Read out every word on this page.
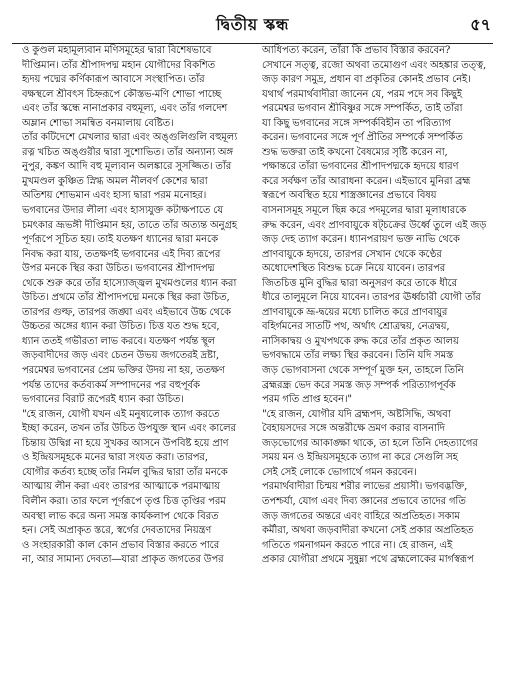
দ্বিতীয় স্কন্ধ	৫৭
ও কুণ্ডল মহামূল্যবান মণিসমূহের দ্বারা বিশেষভাবে
দীপ্তিমান। তাঁর শ্রীপাদপদ্ম মহান যোগীদের বিকশিত
হৃদয় পদ্মের কর্ণিকারূপ আবাসে সংস্থাপিত। তাঁর
বক্ষস্থলে শ্রীবৎস চিহ্নরূপে কৌস্তভ-মণি শোভা পাচ্ছে
এবং তাঁর স্কন্ধে নানাপ্রকার বহুমূল্য, এবং তাঁর গলদেশ
অম্লান শোভা সমন্বিত বনমালায় বেষ্টিত।
তাঁর কটিদেশে মেখলার দ্বারা এবং অঙ্গুলিগুলি বহুমূল্য
রত্ন খচিত অঙ্গুরীর দ্বারা সুশোভিত। তাঁর অন্যান্য অঙ্গ
নুপুর, কঙ্কণ আদি বহু মূল্যবান অলঙ্কারে সুসজ্জিত। তাঁর
মুখমণ্ডল কুঞ্চিত স্নিগ্ধ অমল নীলবর্ণ কেশের দ্বারা
অতিশয় শোভমান এবং হাস্য দ্বারা পরম মনোহর।
ভগবানের উদার লীলা এবং হাস্যযুক্ত কটাক্ষপাতে যে
চমৎকার ভ্রূভঙ্গী দীপ্তিমান হয়, তাতে তাঁর অত্যন্ত অনুগ্রহ
পূর্ণরূপে সূচিত হয়। তাই যতক্ষণ ধ্যানের দ্বারা মনকে
নিবদ্ধ করা যায়, ততক্ষণই ভগবানের এই দিব্য রূপের
উপর মনকে স্থির করা উচিত। ভগবানের শ্রীপাদপদ্ম
থেকে শুরু করে তাঁর হাস্যোজ্জ্বল মুখমণ্ডলের ধ্যান করা
উচিত। প্রথমে তাঁর শ্রীপাদপদ্মে মনকে স্থির করা উচিত,
তারপর গুল্ফ, তারপর জঙ্ঘা এবং এইভাবে উচ্চ থেকে
উচ্চতর অঙ্গের ধ্যান করা উচিত। চিত্ত যত শুদ্ধ হবে,
ধ্যান ততই গভীরতা লাভ করবে। যতক্ষণ পর্যন্ত স্থূল
জড়বাদীদের জড় এবং চেতন উভয় জগতেরই দ্রষ্টা,
পরমেশ্বর ভগবানের প্রেম ভক্তির উদয় না হয়, ততক্ষণ
পর্যন্ত তাদের কর্তব্যকর্ম সম্পাদনের পর বহুপূর্বক
ভগবানের বিরাট রূপেরই ধ্যান করা উচিত।
"হে রাজন, যোগী যখন এই মনুষ্যলোক ত্যাগ করতে
ইচ্ছা করেন, তখন তাঁর উচিত উপযুক্ত স্থান এবং কালের
চিন্তায় উদ্বিগ্ন না হয়ে সুখকর আসনে উপবিষ্ট হয়ে প্রাণ
ও ইন্দ্রিয়সমূহকে মনের দ্বারা সংযত করা। তারপর,
যোগীর কর্তব্য হচ্ছে তাঁর নির্মল বুদ্ধির দ্বারা তাঁর মনকে
আত্মায় লীন করা এবং তারপর আত্মাকে পরমাত্মায়
বিলীন করা। তার ফলে পূর্ণরূপে তৃপ্ত চিত্ত তৃপ্তির পরম
অবস্থা লাভ করে অন্য সমস্ত কার্যকলাপ থেকে বিরত
হন। সেই অপ্রাকৃত স্তরে, স্বর্গের দেবতাদের নিয়ন্ত্রণ
ও সংহারকারী কাল কোন প্রভাব বিস্তার করতে পারে
না, আর সামান্য দেবতা—যারা প্রাকৃত জগতের উপর
আধিপত্য করেন, তাঁরা কি প্রভাব বিস্তার করবেন?
সেখানে সত্ত্ব, রজো অথবা তমোগুণ এবং অহঙ্কার তত্ত্ব,
জড় কারণ সমুদ্র, প্রধান বা প্রকৃতির কোনই প্রভাব নেই।
যথার্থ পরমার্থবাদীরা জানেন যে, পরম পদে সব কিছুই
পরমেশ্বর ভগবান শ্রীবিষ্ণুর সঙ্গে সম্পর্কিত, তাই তাঁরা
যা কিছু ভগবানের সঙ্গে সম্পর্কবিহীন তা পরিত্যাগ
করেন। ভগবানের সঙ্গে পূর্ণ প্রীতির সম্পর্কে সম্পর্কিত
শুদ্ধ ভক্তরা তাই কখনো বৈষম্যের সৃষ্টি করেন না,
পক্ষান্তরে তাঁরা ভগবানের শ্রীপাদপদ্মকে হৃদয়ে ধারণ
করে সর্বক্ষণ তাঁর আরাধনা করেন। এইভাবে মুনিরা ব্রহ্ম
স্বরূপে অবস্থিত হয়ে শাস্ত্রজ্ঞানের প্রভাবে বিষয়
বাসনাসমূহ সমূলে ছিন্ন করে পদমূলের দ্বারা মূলাধারকে
রুদ্ধ করেন, এবং প্রাণবায়ুকে ষট্চক্রের উর্ধ্বে তুলে এই জড়
জড় দেহ ত্যাগ করেন। ধ্যানপরায়ণ ভক্ত নাভি থেকে
প্রাণবায়ুকে হৃদয়ে, তারপর সেখান থেকে কণ্ঠের
অধোদেশস্থিত বিশুদ্ধ চক্রে নিয়ে যাবেন। তারপর
জিতচিত্ত মুনি বুদ্ধির দ্বারা অনুসরণ করে তাকে ধীরে
ধীরে তালুমূলে নিয়ে যাবেন। তারপর ঊর্ধ্বচারী যোগী তাঁর
প্রাণবায়ুকে ভ্রূ-দ্বয়ের মধ্যে চালিত করে প্রাণবায়ুর
বহির্গমনের সাতটি পথ, অর্থাৎ শ্রোত্রদ্বয়, নেত্রদ্বয়,
নাসিকাদ্বয় ও মুখপথকে রুদ্ধ করে তাঁর প্রকৃত আলয়
ভগবদ্ধামে তাঁর লক্ষ্য স্থির করবেন। তিনি যদি সমস্ত
জড় ভোগবাসনা থেকে সম্পূর্ণ মুক্ত হন, তাহলে তিনি
ব্রহ্মরন্ধ্র ভেদ করে সমস্ত জড় সম্পর্ক পরিত্যাগপূর্বক
পরম গতি প্রাপ্ত হবেন।"
"হে রাজন, যোগীর যদি ব্রহ্মপদ, অষ্টসিদ্ধি, অথবা
বৈহায়সদের সঙ্গে অন্তরীক্ষে ভ্রমণ করার বাসনাদি
জড়ভোগের আকাঙ্ক্ষা থাকে, তা হলে তিনি দেহত্যাগের
সময় মন ও ইন্দ্রিয়সমূহকে ত্যাগ না করে সেগুলি সহ
সেই সেই লোকে ভোগার্থে গমন করবেন।
পরমার্থবাদীরা চিন্ময় শরীর লাভের প্রয়াসী। ভগবদ্ভক্তি,
তপশ্চর্যা, যোগ এবং দিব্য জ্ঞানের প্রভাবে তাদের গতি
জড় জগতের অন্তরে এবং বাহিরে অপ্রতিহত। সকাম
কর্মীরা, অথবা জড়বাদীরা কখনো সেই প্রকার অপ্রতিহত
গতিতে গমনাগমন করতে পারে না। হে রাজন, এই
প্রকার যোগীরা প্রথমে সুষুম্না পথে ব্রহ্মলোকের মার্গস্বরূপ
